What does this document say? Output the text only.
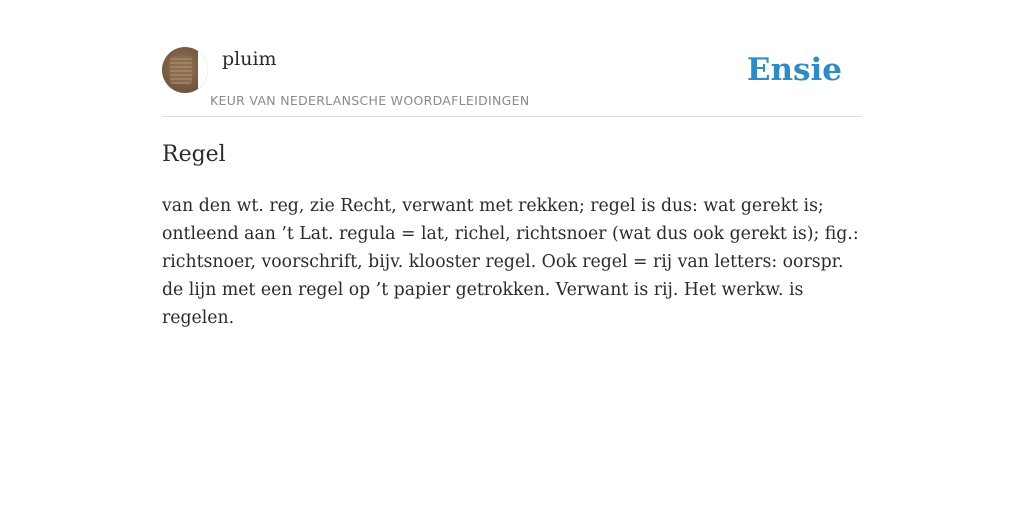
pluim
KEUR VAN NEDERLANSCHE WOORDAFLEIDINGEN
Ensie
Regel

van den wt. reg, zie Recht, verwant met rekken; regel is dus: wat gerekt is; ontleend aan ’t Lat. regula = lat, richel, richtsnoer (wat dus ook gerekt is); fig.: richtsnoer, voorschrift, bijv. klooster regel. Ook regel = rij van letters: oorspr. de lijn met een regel op ’t papier getrokken. Verwant is rij. Het werkw. is regelen.
